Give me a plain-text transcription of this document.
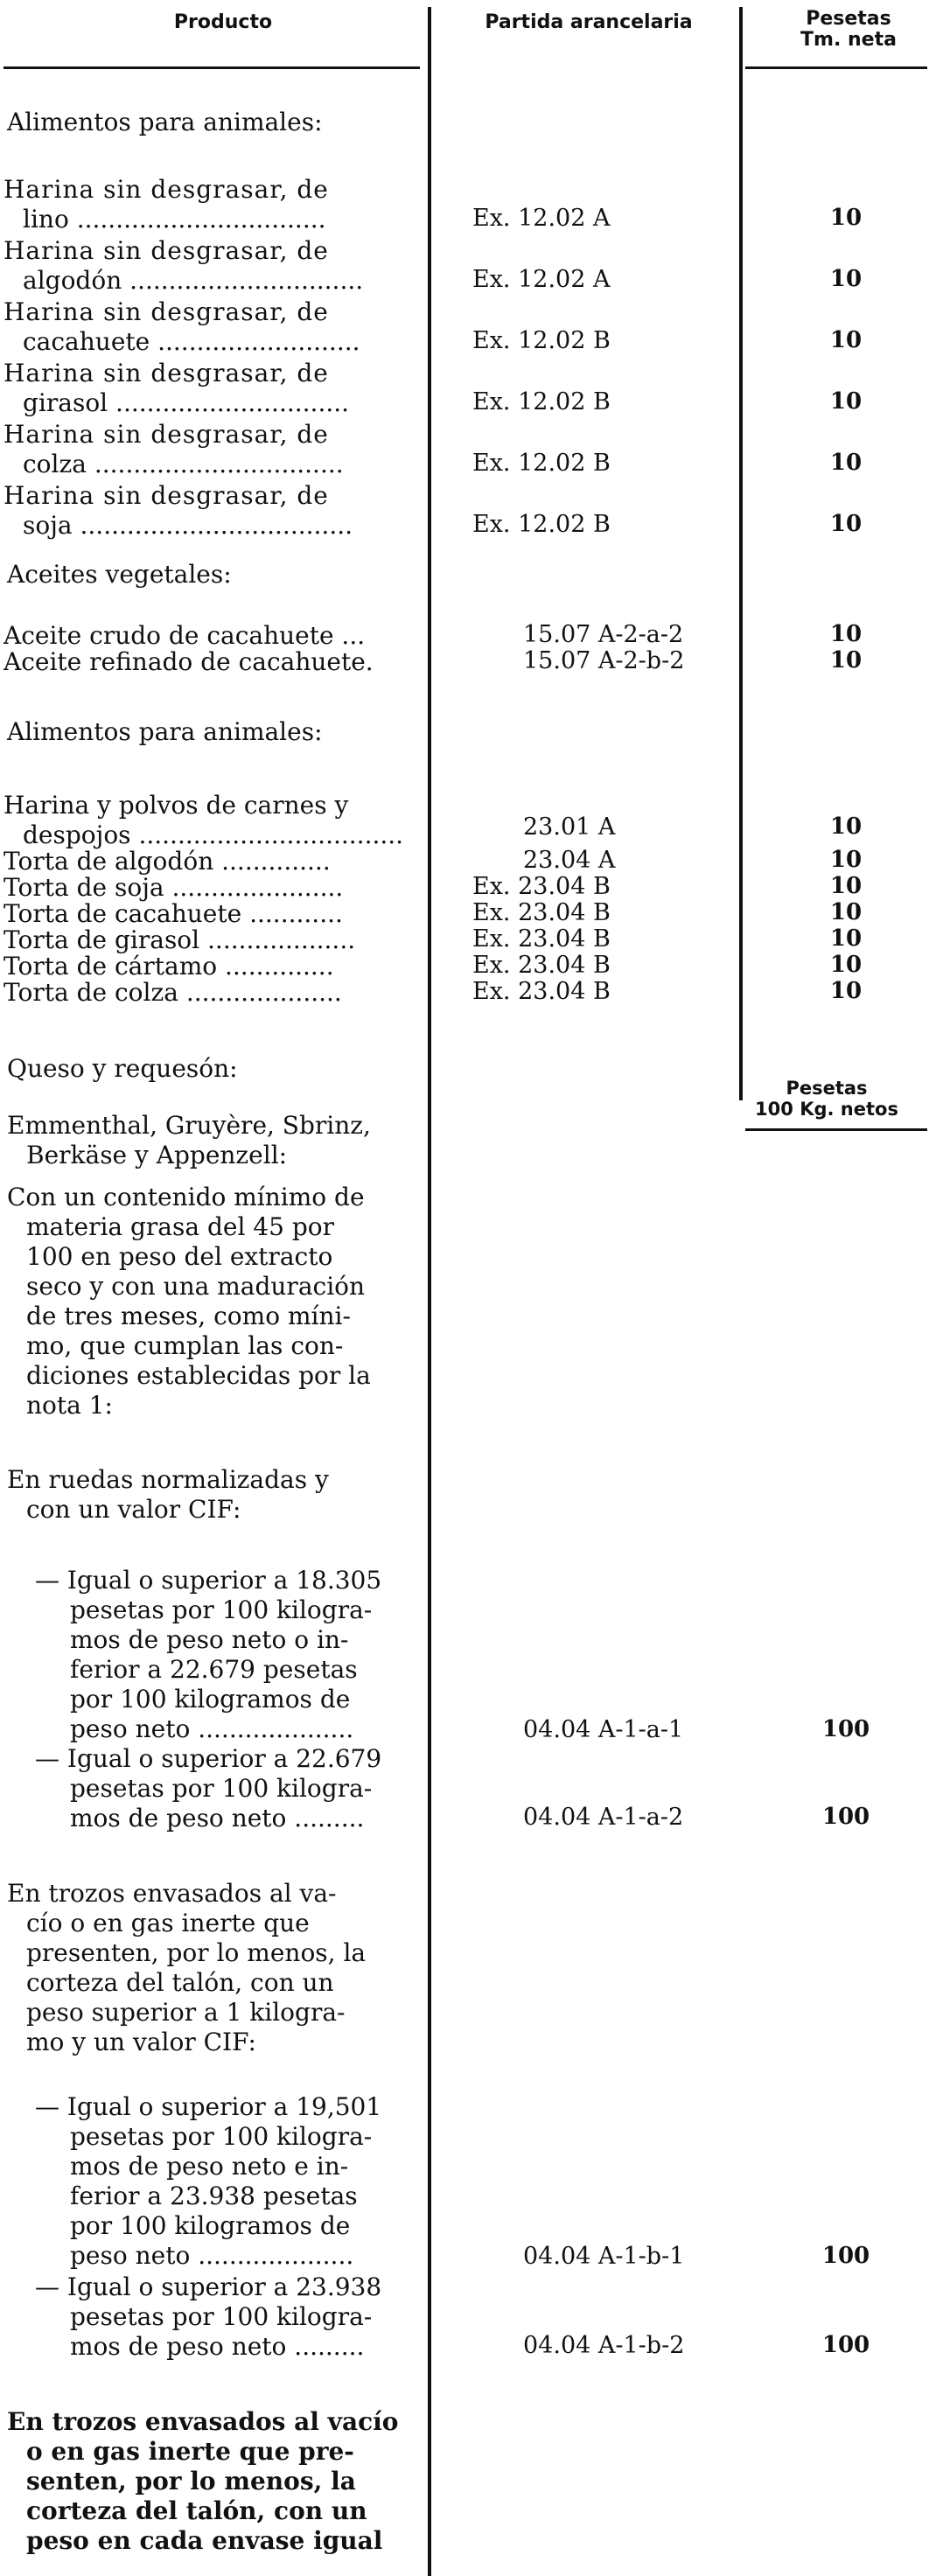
Producto	Partida arancelaria	Pesetas
Tm. neta
Alimentos para animales:
Harina sin desgrasar, de
lino ................................	Ex. 12.02 A	10
Harina sin desgrasar, de
algodón ..............................	Ex. 12.02 A	10
Harina sin desgrasar, de
cacahuete ..........................	Ex. 12.02 B	10
Harina sin desgrasar, de
girasol ..............................	Ex. 12.02 B	10
Harina sin desgrasar, de
colza ................................	Ex. 12.02 B	10
Harina sin desgrasar, de
soja ...................................	Ex. 12.02 B	10
Aceites vegetales:
Aceite crudo de cacahuete ...	15.07 A-2-a-2	10
Aceite refinado de cacahuete.	15.07 A-2-b-2	10
Alimentos para animales:
Harina y polvos de carnes y
despojos ..................................	23.01 A	10
Torta de algodón ..............	23.04 A	10
Torta de soja ......................	Ex. 23.04 B	10
Torta de cacahuete ............	Ex. 23.04 B	10
Torta de girasol ...................	Ex. 23.04 B	10
Torta de cártamo ..............	Ex. 23.04 B	10
Torta de colza ....................	Ex. 23.04 B	10
Queso y requesón:
Pesetas
100 Kg. netos
Emmenthal, Gruyère, Sbrinz,
Berkäse y Appenzell:
Con un contenido mínimo de
materia grasa del 45 por
100 en peso del extracto
seco y con una maduración
de tres meses, como míni-
mo, que cumplan las con-
diciones establecidas por la
nota 1:
En ruedas normalizadas y
con un valor CIF:
— Igual o superior a 18.305
pesetas por 100 kilogra-
mos de peso neto o in-
ferior a 22.679 pesetas
por 100 kilogramos de
peso neto ....................	04.04 A-1-a-1	100
— Igual o superior a 22.679
pesetas por 100 kilogra-
mos de peso neto .........	04.04 A-1-a-2	100
En trozos envasados al va-
cío o en gas inerte que
presenten, por lo menos, la
corteza del talón, con un
peso superior a 1 kilogra-
mo y un valor CIF:
— Igual o superior a 19,501
pesetas por 100 kilogra-
mos de peso neto e in-
ferior a 23.938 pesetas
por 100 kilogramos de
peso neto ....................	04.04 A-1-b-1	100
— Igual o superior a 23.938
pesetas por 100 kilogra-
mos de peso neto .........	04.04 A-1-b-2	100
En trozos envasados al vacío
o en gas inerte que pre-
senten, por lo menos, la
corteza del talón, con un
peso en cada envase igual
